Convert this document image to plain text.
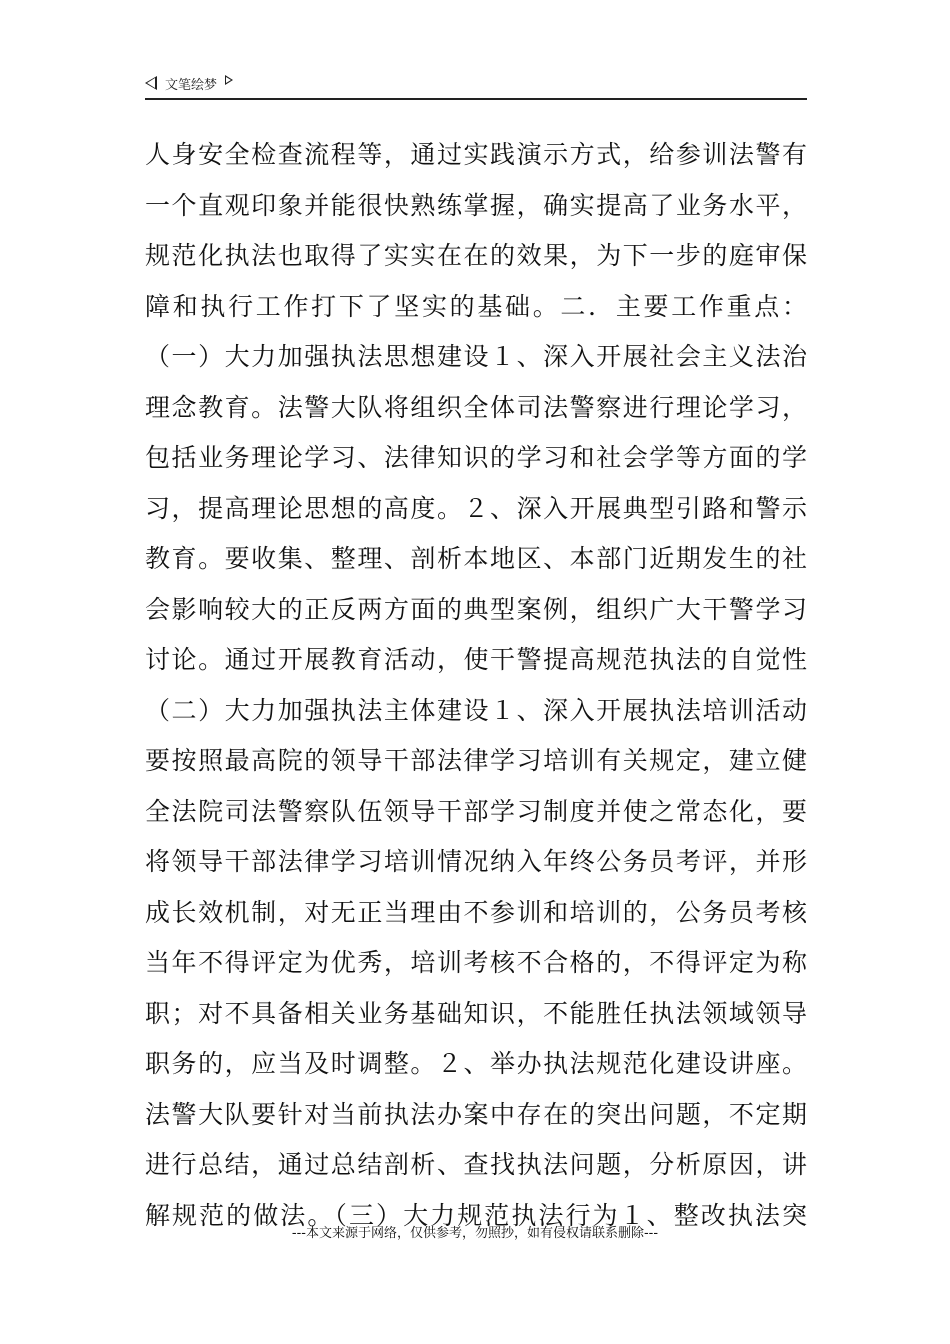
文笔绘梦
人身安全检查流程等，通过实践演示方式，给参训法警有
一个直观印象并能很快熟练掌握，确实提高了业务水平，
规范化执法也取得了实实在在的效果，为下一步的庭审保
障和执行工作打下了坚实的基础。二．主要工作重点：
（一）大力加强执法思想建设１、深入开展社会主义法治
理念教育。法警大队将组织全体司法警察进行理论学习，
包括业务理论学习、法律知识的学习和社会学等方面的学
习，提高理论思想的高度。２、深入开展典型引路和警示
教育。要收集、整理、剖析本地区、本部门近期发生的社
会影响较大的正反两方面的典型案例，组织广大干警学习
讨论。通过开展教育活动，使干警提高规范执法的自觉性
（二）大力加强执法主体建设１、深入开展执法培训活动
要按照最高院的领导干部法律学习培训有关规定，建立健
全法院司法警察队伍领导干部学习制度并使之常态化，要
将领导干部法律学习培训情况纳入年终公务员考评，并形
成长效机制，对无正当理由不参训和培训的，公务员考核
当年不得评定为优秀，培训考核不合格的，不得评定为称
职；对不具备相关业务基础知识，不能胜任执法领域领导
职务的，应当及时调整。２、举办执法规范化建设讲座。
法警大队要针对当前执法办案中存在的突出问题，不定期
进行总结，通过总结剖析、查找执法问题，分析原因，讲
解规范的做法。（三）大力规范执法行为１、整改执法突
---本文来源于网络，仅供参考，勿照抄，如有侵权请联系删除---
